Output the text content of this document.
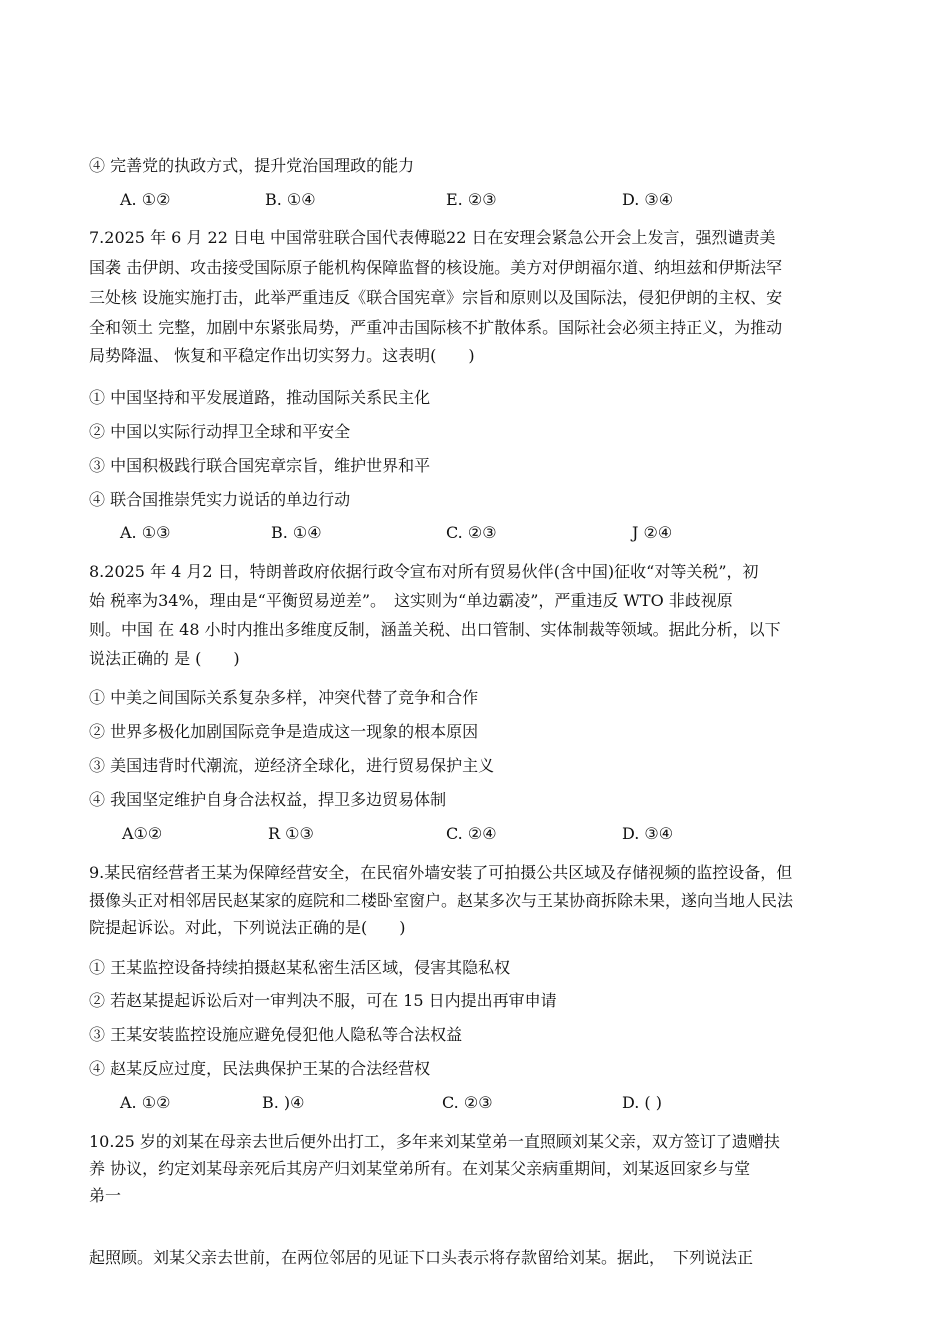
④ 完善党的执政方式，提升党治国理政的能力
A. ①②	B. ①④	E. ②③	D. ③④
7.2025 年 6 月 22 日电 中国常驻联合国代表傅聪22 日在安理会紧急公开会上发言，强烈谴责美
国袭 击伊朗、攻击接受国际原子能机构保障监督的核设施。美方对伊朗福尔道、纳坦兹和伊斯法罕
三处核 设施实施打击，此举严重违反《联合国宪章》宗旨和原则以及国际法，侵犯伊朗的主权、安
全和领土 完整，加剧中东紧张局势，严重冲击国际核不扩散体系。国际社会必须主持正义，为推动
局势降温、 恢复和平稳定作出切实努力。这表明(　　)
① 中国坚持和平发展道路，推动国际关系民主化
② 中国以实际行动捍卫全球和平安全
③ 中国积极践行联合国宪章宗旨，维护世界和平
④ 联合国推崇凭实力说话的单边行动
A. ①③	B. ①④	C. ②③	J ②④
8.2025 年 4 月2 日，特朗普政府依据行政令宣布对所有贸易伙伴(含中国)征收“对等关税”，初
始 税率为34%，理由是“平衡贸易逆差”。　这实则为“单边霸凌”，严重违反 WTO 非歧视原
则。中国 在 48 小时内推出多维度反制，涵盖关税、出口管制、实体制裁等领域。据此分析，以下
说法正确的 是 (　　)
① 中美之间国际关系复杂多样，冲突代替了竞争和合作
② 世界多极化加剧国际竞争是造成这一现象的根本原因
③ 美国违背时代潮流，逆经济全球化，进行贸易保护主义
④ 我国坚定维护自身合法权益，捍卫多边贸易体制
A①②	R ①③	C. ②④	D. ③④
9.某民宿经营者王某为保障经营安全，在民宿外墙安装了可拍摄公共区域及存储视频的监控设备，但
摄像头正对相邻居民赵某家的庭院和二楼卧室窗户。赵某多次与王某协商拆除未果，遂向当地人民法
院提起诉讼。对此，下列说法正确的是(　　)
① 王某监控设备持续拍摄赵某私密生活区域，侵害其隐私权
② 若赵某提起诉讼后对一审判决不服，可在 15 日内提出再审申请
③ 王某安装监控设施应避免侵犯他人隐私等合法权益
④ 赵某反应过度，民法典保护王某的合法经营权
A. ①②	B. )④	C. ②③	D. ( )
10.25 岁的刘某在母亲去世后便外出打工，多年来刘某堂弟一直照顾刘某父亲，双方签订了遗赠扶
养 协议，约定刘某母亲死后其房产归刘某堂弟所有。在刘某父亲病重期间，刘某返回家乡与堂
弟一
起照顾。刘某父亲去世前，在两位邻居的见证下口头表示将存款留给刘某。据此，　下列说法正
